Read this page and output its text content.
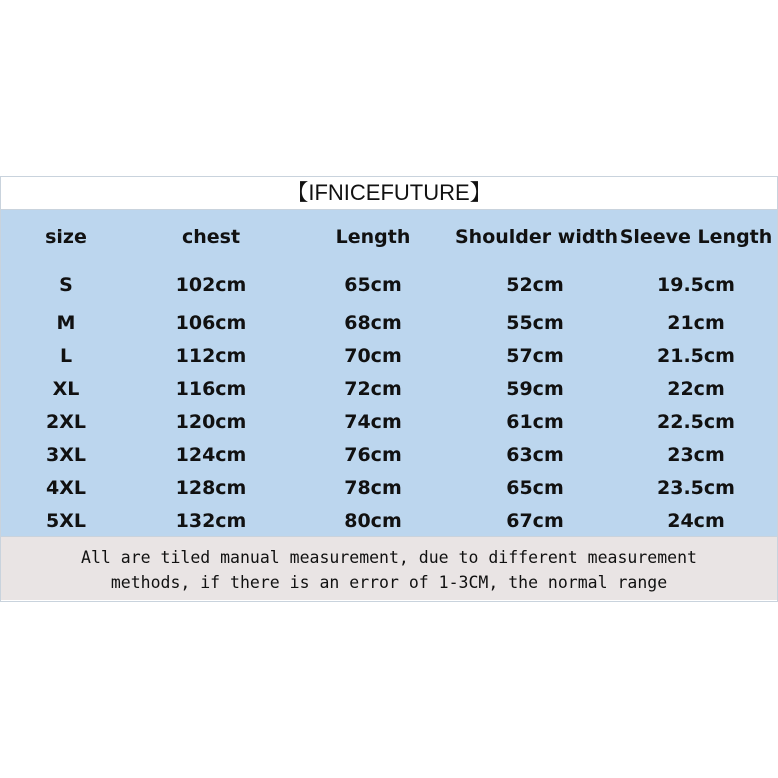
【IFNICEFUTURE】
size	chest	Length	Shoulder width	Sleeve Length
S	102cm	65cm	52cm	19.5cm
M	106cm	68cm	55cm	21cm
L	112cm	70cm	57cm	21.5cm
XL	116cm	72cm	59cm	22cm
2XL	120cm	74cm	61cm	22.5cm
3XL	124cm	76cm	63cm	23cm
4XL	128cm	78cm	65cm	23.5cm
5XL	132cm	80cm	67cm	24cm
All are tiled manual measurement, due to different measurement
methods, if there is an error of 1-3CM, the normal range
